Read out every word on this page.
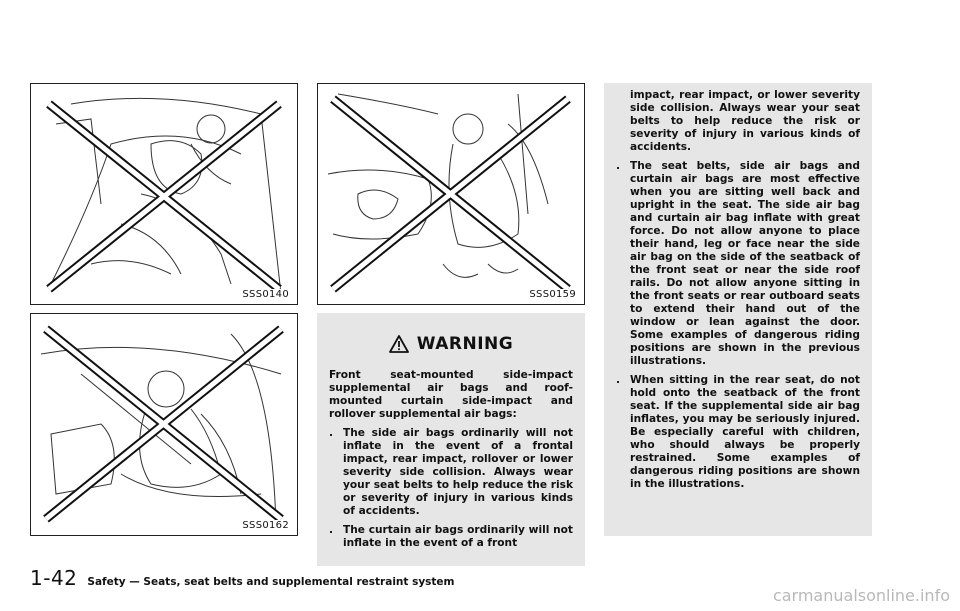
SSS0140
SSS0162
SSS0159
WARNING

Front seat-mounted side-impact supplemental air bags and roof-mounted curtain side-impact and rollover supplemental air bags:

. The side air bags ordinarily will not inflate in the event of a frontal impact, rear impact, rollover or lower severity side collision. Always wear your seat belts to help reduce the risk or severity of injury in various kinds of accidents.
. The curtain air bags ordinarily will not inflate in the event of a front

impact, rear impact, or lower severity side collision. Always wear your seat belts to help reduce the risk or severity of injury in various kinds of accidents.

. The seat belts, side air bags and curtain air bags are most effective when you are sitting well back and upright in the seat. The side air bag and curtain air bag inflate with great force. Do not allow anyone to place their hand, leg or face near the side air bag on the side of the seatback of the front seat or near the side roof rails. Do not allow anyone sitting in the front seats or rear outboard seats to extend their hand out of the window or lean against the door. Some examples of dangerous riding positions are shown in the previous illustrations.
. When sitting in the rear seat, do not hold onto the seatback of the front seat. If the supplemental side air bag inflates, you may be seriously injured. Be especially careful with children, who should always be properly restrained. Some examples of dangerous riding positions are shown in the illustrations.
1-42 Safety — Seats, seat belts and supplemental restraint system
carmanualsonline.info
